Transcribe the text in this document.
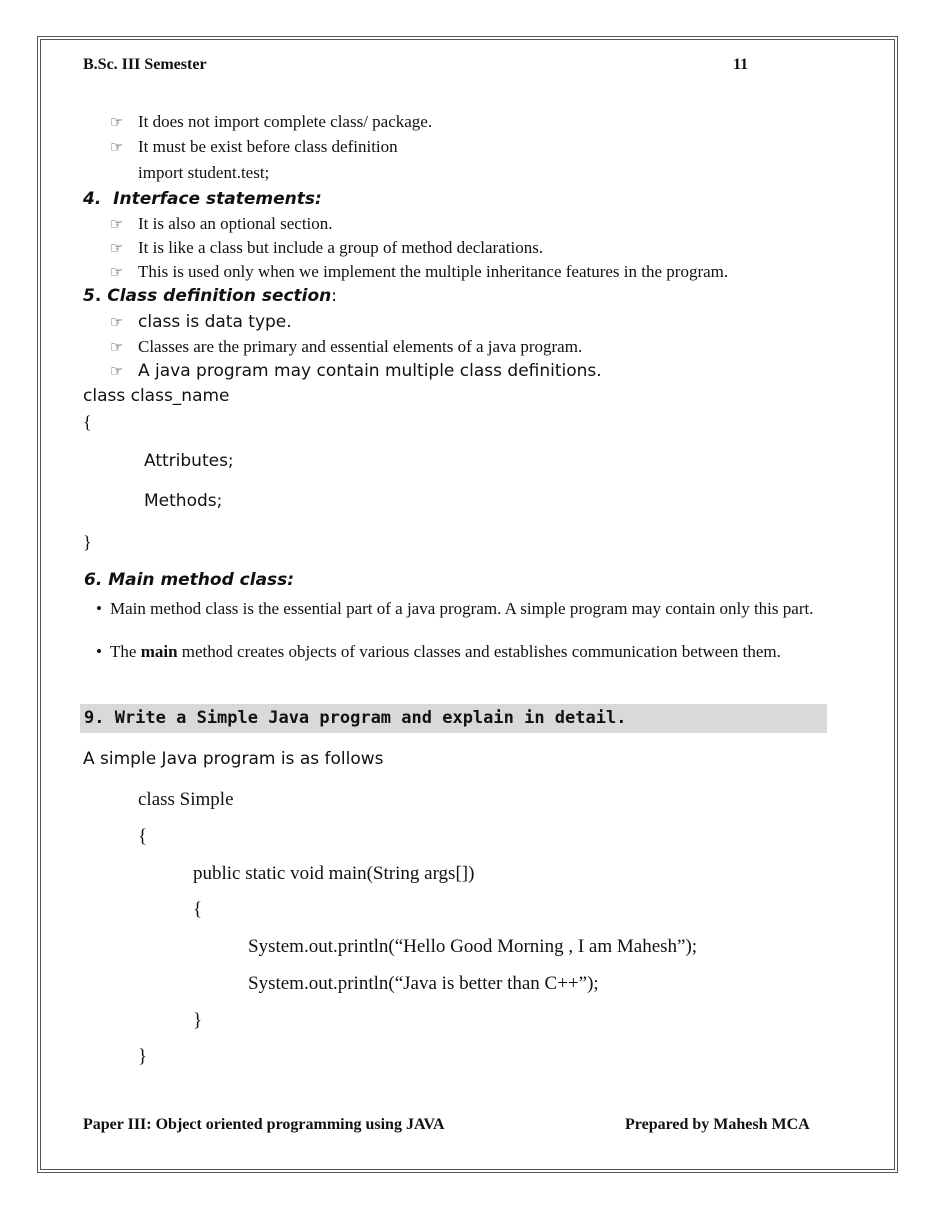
B.Sc. III Semester	11
☞ It does not import complete class/ package.
☞ It must be exist before class definition
import student.test;
4. Interface statements:
☞ It is also an optional section.
☞ It is like a class but include a group of method declarations.
☞ This is used only when we implement the multiple inheritance features in the program.
5. Class definition section:
☞ class is data type.
☞ Classes are the primary and essential elements of a java program.
☞ A java program may contain multiple class definitions.
class class_name
{
Attributes;
Methods;
}
6. Main method class:
• Main method class is the essential part of a java program. A simple program may contain only this part.
• The main method creates objects of various classes and establishes communication between them.
9. Write a Simple Java program and explain in detail.
A simple Java program is as follows
class Simple
{
public static void main(String args[])
{
System.out.println(“Hello Good Morning , I am Mahesh”);
System.out.println(“Java is better than C++”);
}
}
Paper III: Object oriented programming using JAVA	Prepared by Mahesh MCA
